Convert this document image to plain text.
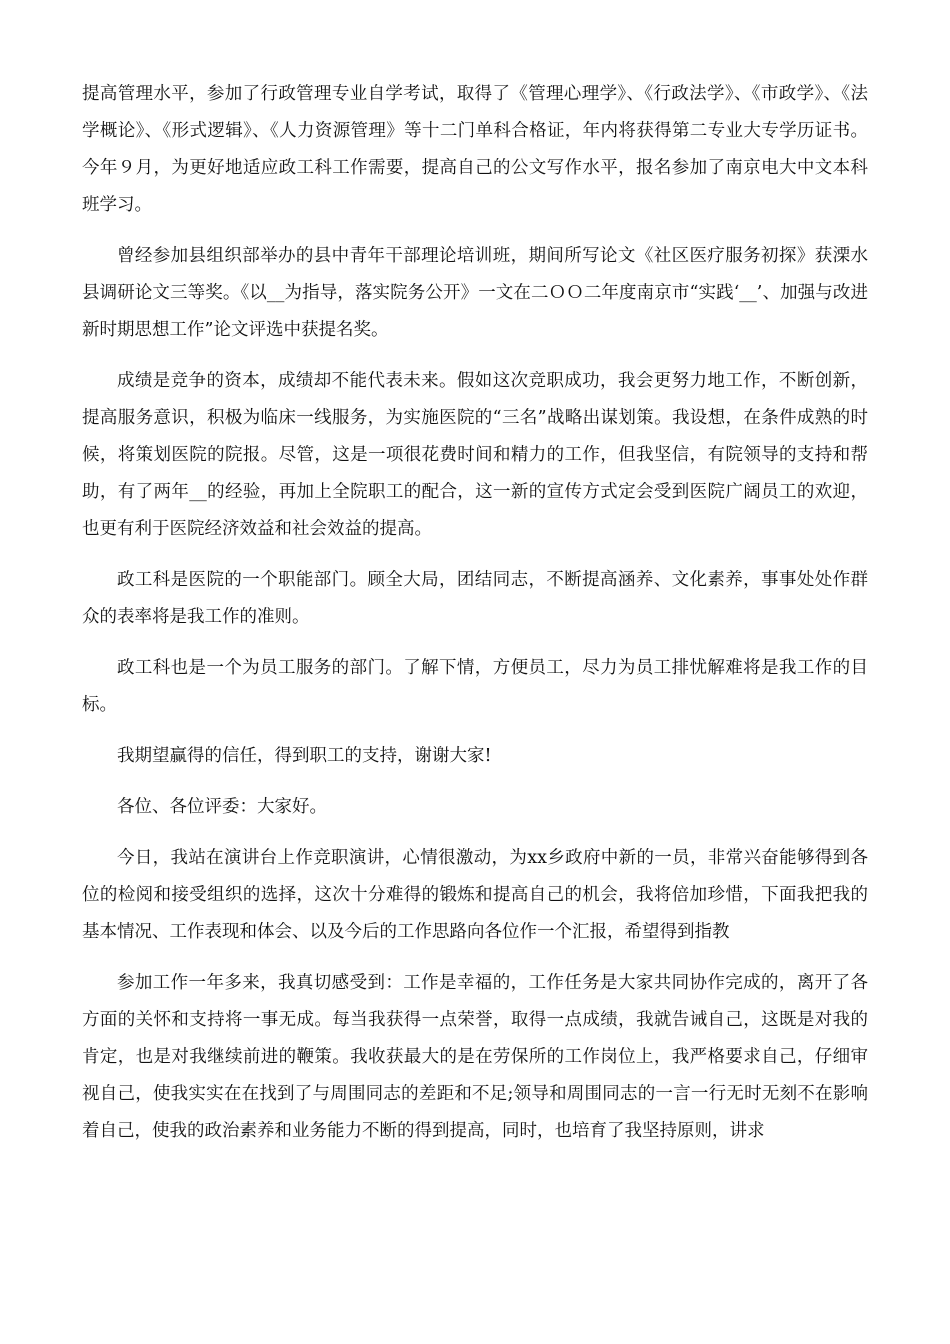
提高管理水平，参加了行政管理专业自学考试，取得了《管理心理学》、《行政法学》、《市政学》、《法学概论》、《形式逻辑》、《人力资源管理》等十二门单科合格证，年内将获得第二专业大专学历证书。今年９月，为更好地适应政工科工作需要，提高自己的公文写作水平，报名参加了南京电大中文本科班学习。

曾经参加县组织部举办的县中青年干部理论培训班，期间所写论文《社区医疗服务初探》获溧水县调研论文三等奖。《以__为指导，落实院务公开》一文在二ＯＯ二年度南京市“实践‘__’、加强与改进新时期思想工作”论文评选中获提名奖。

成绩是竞争的资本，成绩却不能代表未来。假如这次竞职成功，我会更努力地工作，不断创新，提高服务意识，积极为临床一线服务，为实施医院的“三名”战略出谋划策。我设想，在条件成熟的时候，将策划医院的院报。尽管，这是一项很花费时间和精力的工作，但我坚信，有院领导的支持和帮助，有了两年__的经验，再加上全院职工的配合，这一新的宣传方式定会受到医院广阔员工的欢迎，也更有利于医院经济效益和社会效益的提高。

政工科是医院的一个职能部门。顾全大局，团结同志，不断提高涵养、文化素养，事事处处作群众的表率将是我工作的准则。

政工科也是一个为员工服务的部门。了解下情，方便员工，尽力为员工排忧解难将是我工作的目标。

我期望赢得的信任，得到职工的支持，谢谢大家!

各位、各位评委：大家好。

今日，我站在演讲台上作竞职演讲，心情很激动，为xx乡政府中新的一员，非常兴奋能够得到各位的检阅和接受组织的选择，这次十分难得的锻炼和提高自己的机会，我将倍加珍惜，下面我把我的基本情况、工作表现和体会、以及今后的工作思路向各位作一个汇报，希望得到指教

参加工作一年多来，我真切感受到：工作是幸福的，工作任务是大家共同协作完成的，离开了各方面的关怀和支持将一事无成。每当我获得一点荣誉，取得一点成绩，我就告诫自己，这既是对我的肯定，也是对我继续前进的鞭策。我收获最大的是在劳保所的工作岗位上，我严格要求自己，仔细审视自己，使我实实在在找到了与周围同志的差距和不足;领导和周围同志的一言一行无时无刻不在影响着自己，使我的政治素养和业务能力不断的得到提高，同时，也培育了我坚持原则，讲求
